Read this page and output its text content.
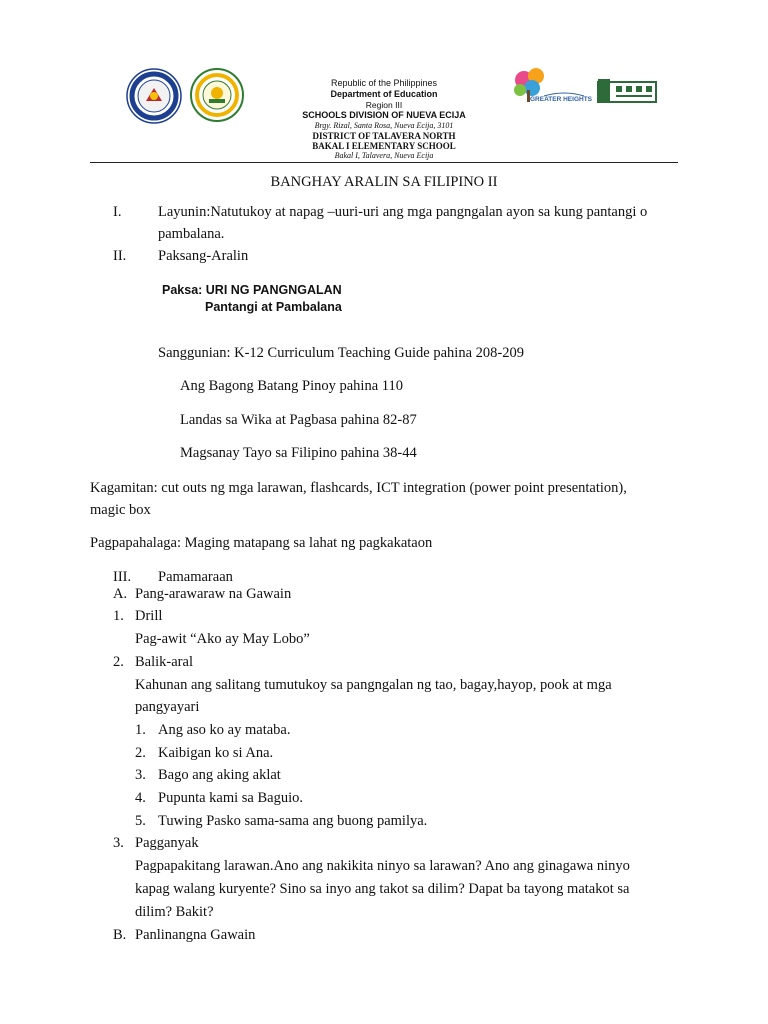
Republic of the Philippines
Department of Education
Region III
SCHOOLS DIVISION OF NUEVA ECIJA
Brgy. Rizal, Santa Rosa, Nueva Ecija, 3101
DISTRICT OF TALAVERA NORTH
BAKAL I ELEMENTARY SCHOOL
Bakal I, Talavera, Nueva Ecija
GREATER HEIGHTS
BANGHAY ARALIN SA FILIPINO II
I.	Layunin:Natutukoy at napag –uuri-uri ang mga pangngalan ayon sa kung pantangi o
pambalana.
II. Paksang-Aralin
Paksa: URI NG PANGNGALAN
Pantangi at Pambalana
Sanggunian: K-12 Curriculum Teaching Guide pahina 208-209
Ang Bagong Batang Pinoy pahina 110
Landas sa Wika at Pagbasa pahina 82-87
Magsanay Tayo sa Filipino pahina 38-44
Kagamitan: cut outs ng mga larawan, flashcards, ICT integration (power point presentation),
magic box
Pagpapahalaga: Maging matapang sa lahat ng pagkakataon
III. Pamamaraan
A. Pang-arawaraw na Gawain
1. Drill
Pag-awit “Ako ay May Lobo”
2. Balik-aral
Kahunan ang salitang tumutukoy sa pangngalan ng tao, bagay,hayop, pook at mga
pangyayari
1. Ang aso ko ay mataba.
2. Kaibigan ko si Ana.
3. Bago ang aking aklat
4. Pupunta kami sa Baguio.
5. Tuwing Pasko sama-sama ang buong pamilya.
3. Pagganyak
Pagpapakitang larawan.Ano ang nakikita ninyo sa larawan? Ano ang ginagawa ninyo
kapag walang kuryente? Sino sa inyo ang takot sa dilim? Dapat ba tayong matakot sa
dilim? Bakit?
B. Panlinangna Gawain
